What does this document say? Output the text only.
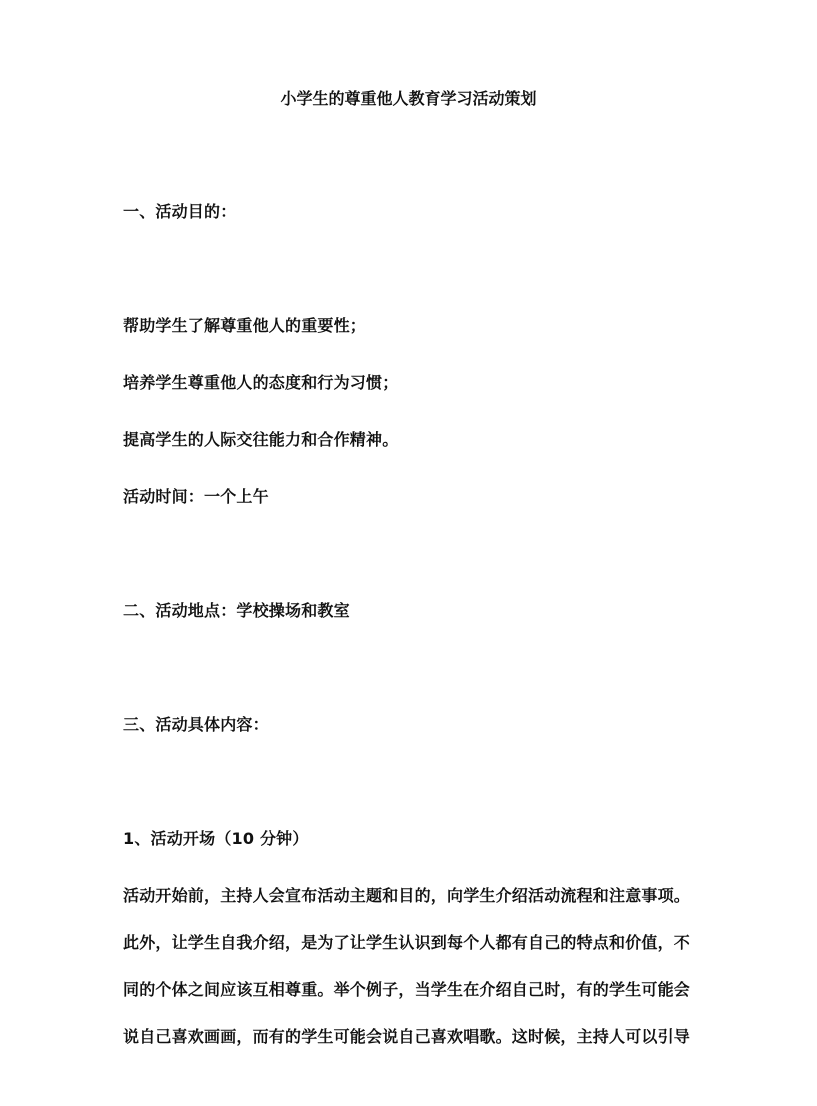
小学生的尊重他人教育学习活动策划

一、活动目的：

帮助学生了解尊重他人的重要性；

培养学生尊重他人的态度和行为习惯；

提高学生的人际交往能力和合作精神。

活动时间：一个上午

二、活动地点：学校操场和教室

三、活动具体内容：

1、活动开场（10 分钟）

活动开始前，主持人会宣布活动主题和目的，向学生介绍活动流程和注意事项。

此外，让学生自我介绍，是为了让学生认识到每个人都有自己的特点和价值，不

同的个体之间应该互相尊重。举个例子，当学生在介绍自己时，有的学生可能会

说自己喜欢画画，而有的学生可能会说自己喜欢唱歌。这时候，主持人可以引导
